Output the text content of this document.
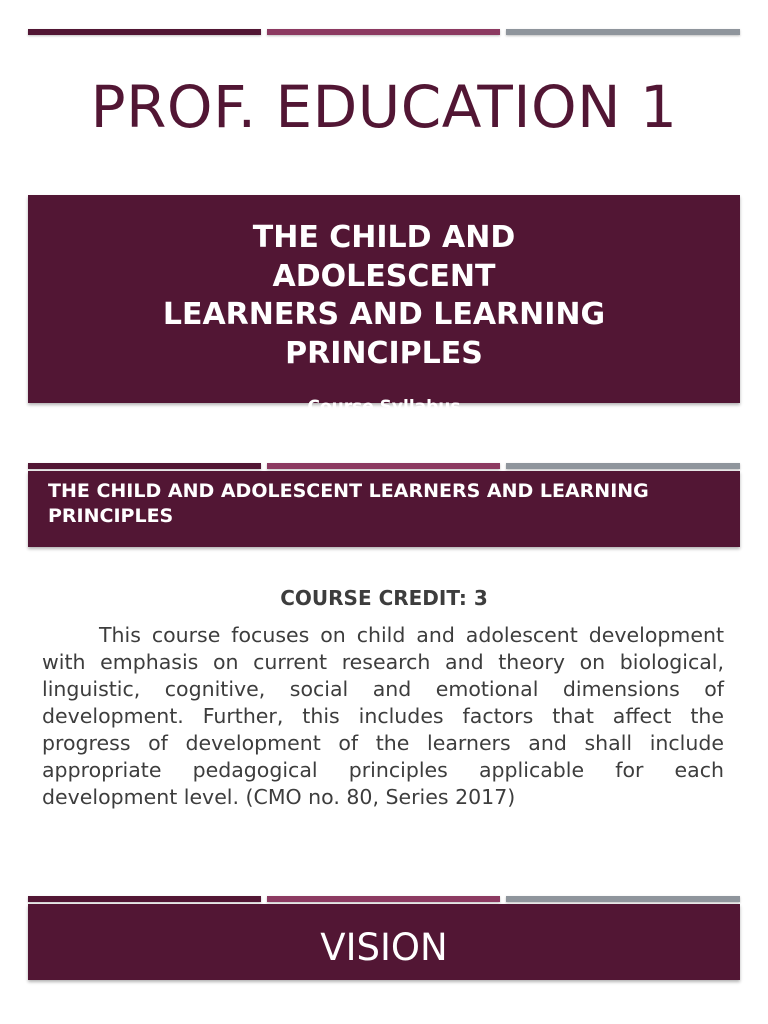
PROF. EDUCATION 1
THE CHILD AND
ADOLESCENT
LEARNERS AND LEARNING
PRINCIPLES
Course Syllabus
THE CHILD AND ADOLESCENT LEARNERS AND LEARNING PRINCIPLES
COURSE CREDIT: 3

This course focuses on child and adolescent development with emphasis on current research and theory on biological, linguistic, cognitive, social and emotional dimensions of development. Further, this includes factors that affect the progress of development of the learners and shall include appropriate pedagogical principles applicable for each development level. (CMO no. 80, Series 2017)

VISION
